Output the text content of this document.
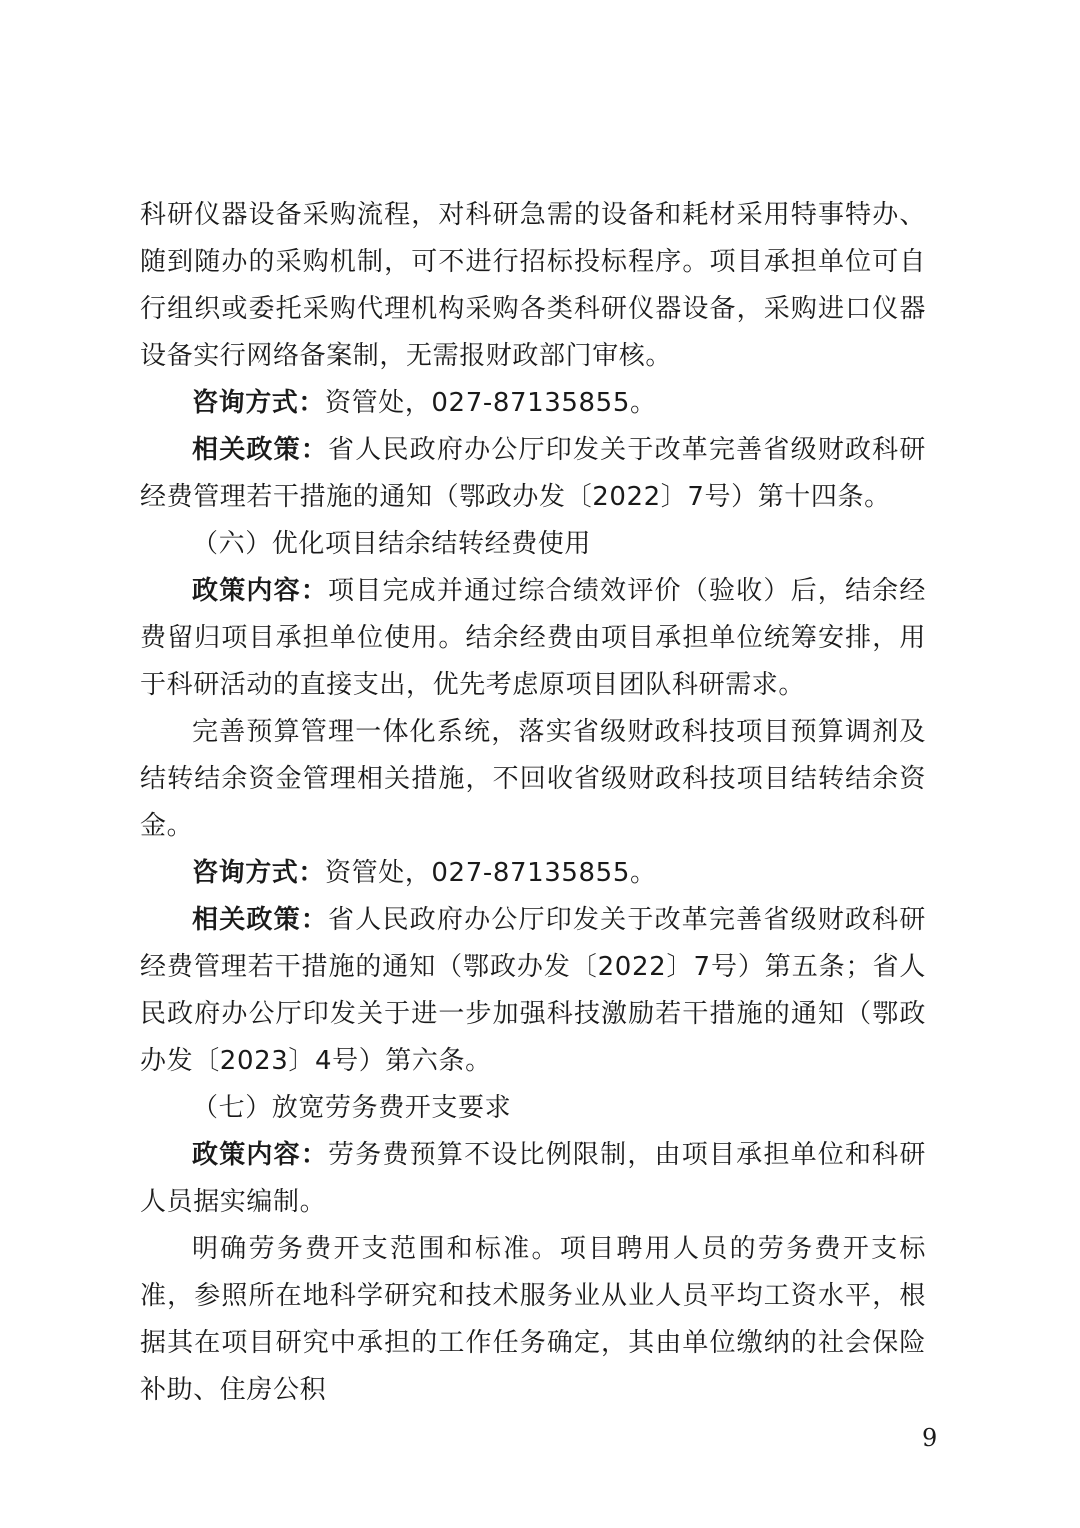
科研仪器设备采购流程，对科研急需的设备和耗材采用特事特办、随到随办的采购机制，可不进行招标投标程序。项目承担单位可自行组织或委托采购代理机构采购各类科研仪器设备，采购进口仪器设备实行网络备案制，无需报财政部门审核。

咨询方式：资管处，027-87135855。

相关政策：省人民政府办公厅印发关于改革完善省级财政科研经费管理若干措施的通知（鄂政办发〔2022〕7号）第十四条。

（六）优化项目结余结转经费使用

政策内容：项目完成并通过综合绩效评价（验收）后，结余经费留归项目承担单位使用。结余经费由项目承担单位统筹安排，用于科研活动的直接支出，优先考虑原项目团队科研需求。

完善预算管理一体化系统，落实省级财政科技项目预算调剂及结转结余资金管理相关措施，不回收省级财政科技项目结转结余资金。

咨询方式：资管处，027-87135855。

相关政策：省人民政府办公厅印发关于改革完善省级财政科研经费管理若干措施的通知（鄂政办发〔2022〕7号）第五条；省人民政府办公厅印发关于进一步加强科技激励若干措施的通知（鄂政办发〔2023〕4号）第六条。

（七）放宽劳务费开支要求

政策内容：劳务费预算不设比例限制，由项目承担单位和科研人员据实编制。

明确劳务费开支范围和标准。项目聘用人员的劳务费开支标准，参照所在地科学研究和技术服务业从业人员平均工资水平，根据其在项目研究中承担的工作任务确定，其由单位缴纳的社会保险补助、住房公积

9
